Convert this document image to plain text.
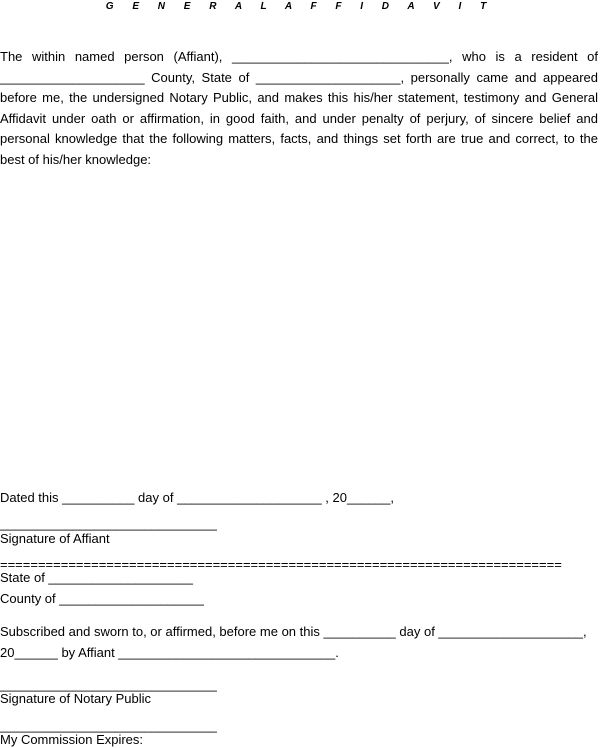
G E N E R A L A F F I D A V I T
The within named person (Affiant), ______________________________, who is a resident of ____________________ County, State of ____________________, personally came and appeared before me, the undersigned Notary Public, and makes this his/her statement, testimony and General Affidavit under oath or affirmation, in good faith, and under penalty of perjury, of sincere belief and personal knowledge that the following matters, facts, and things set forth are true and correct, to the best of his/her knowledge:
Dated this __________ day of ____________________ , 20______,
______________________________
Signature of Affiant
==========================================================================
State of ____________________
County of ____________________
Subscribed and sworn to, or affirmed, before me on this __________ day of ____________________,
20______ by Affiant ______________________________.
______________________________
Signature of Notary Public
______________________________
My Commission Expires:
